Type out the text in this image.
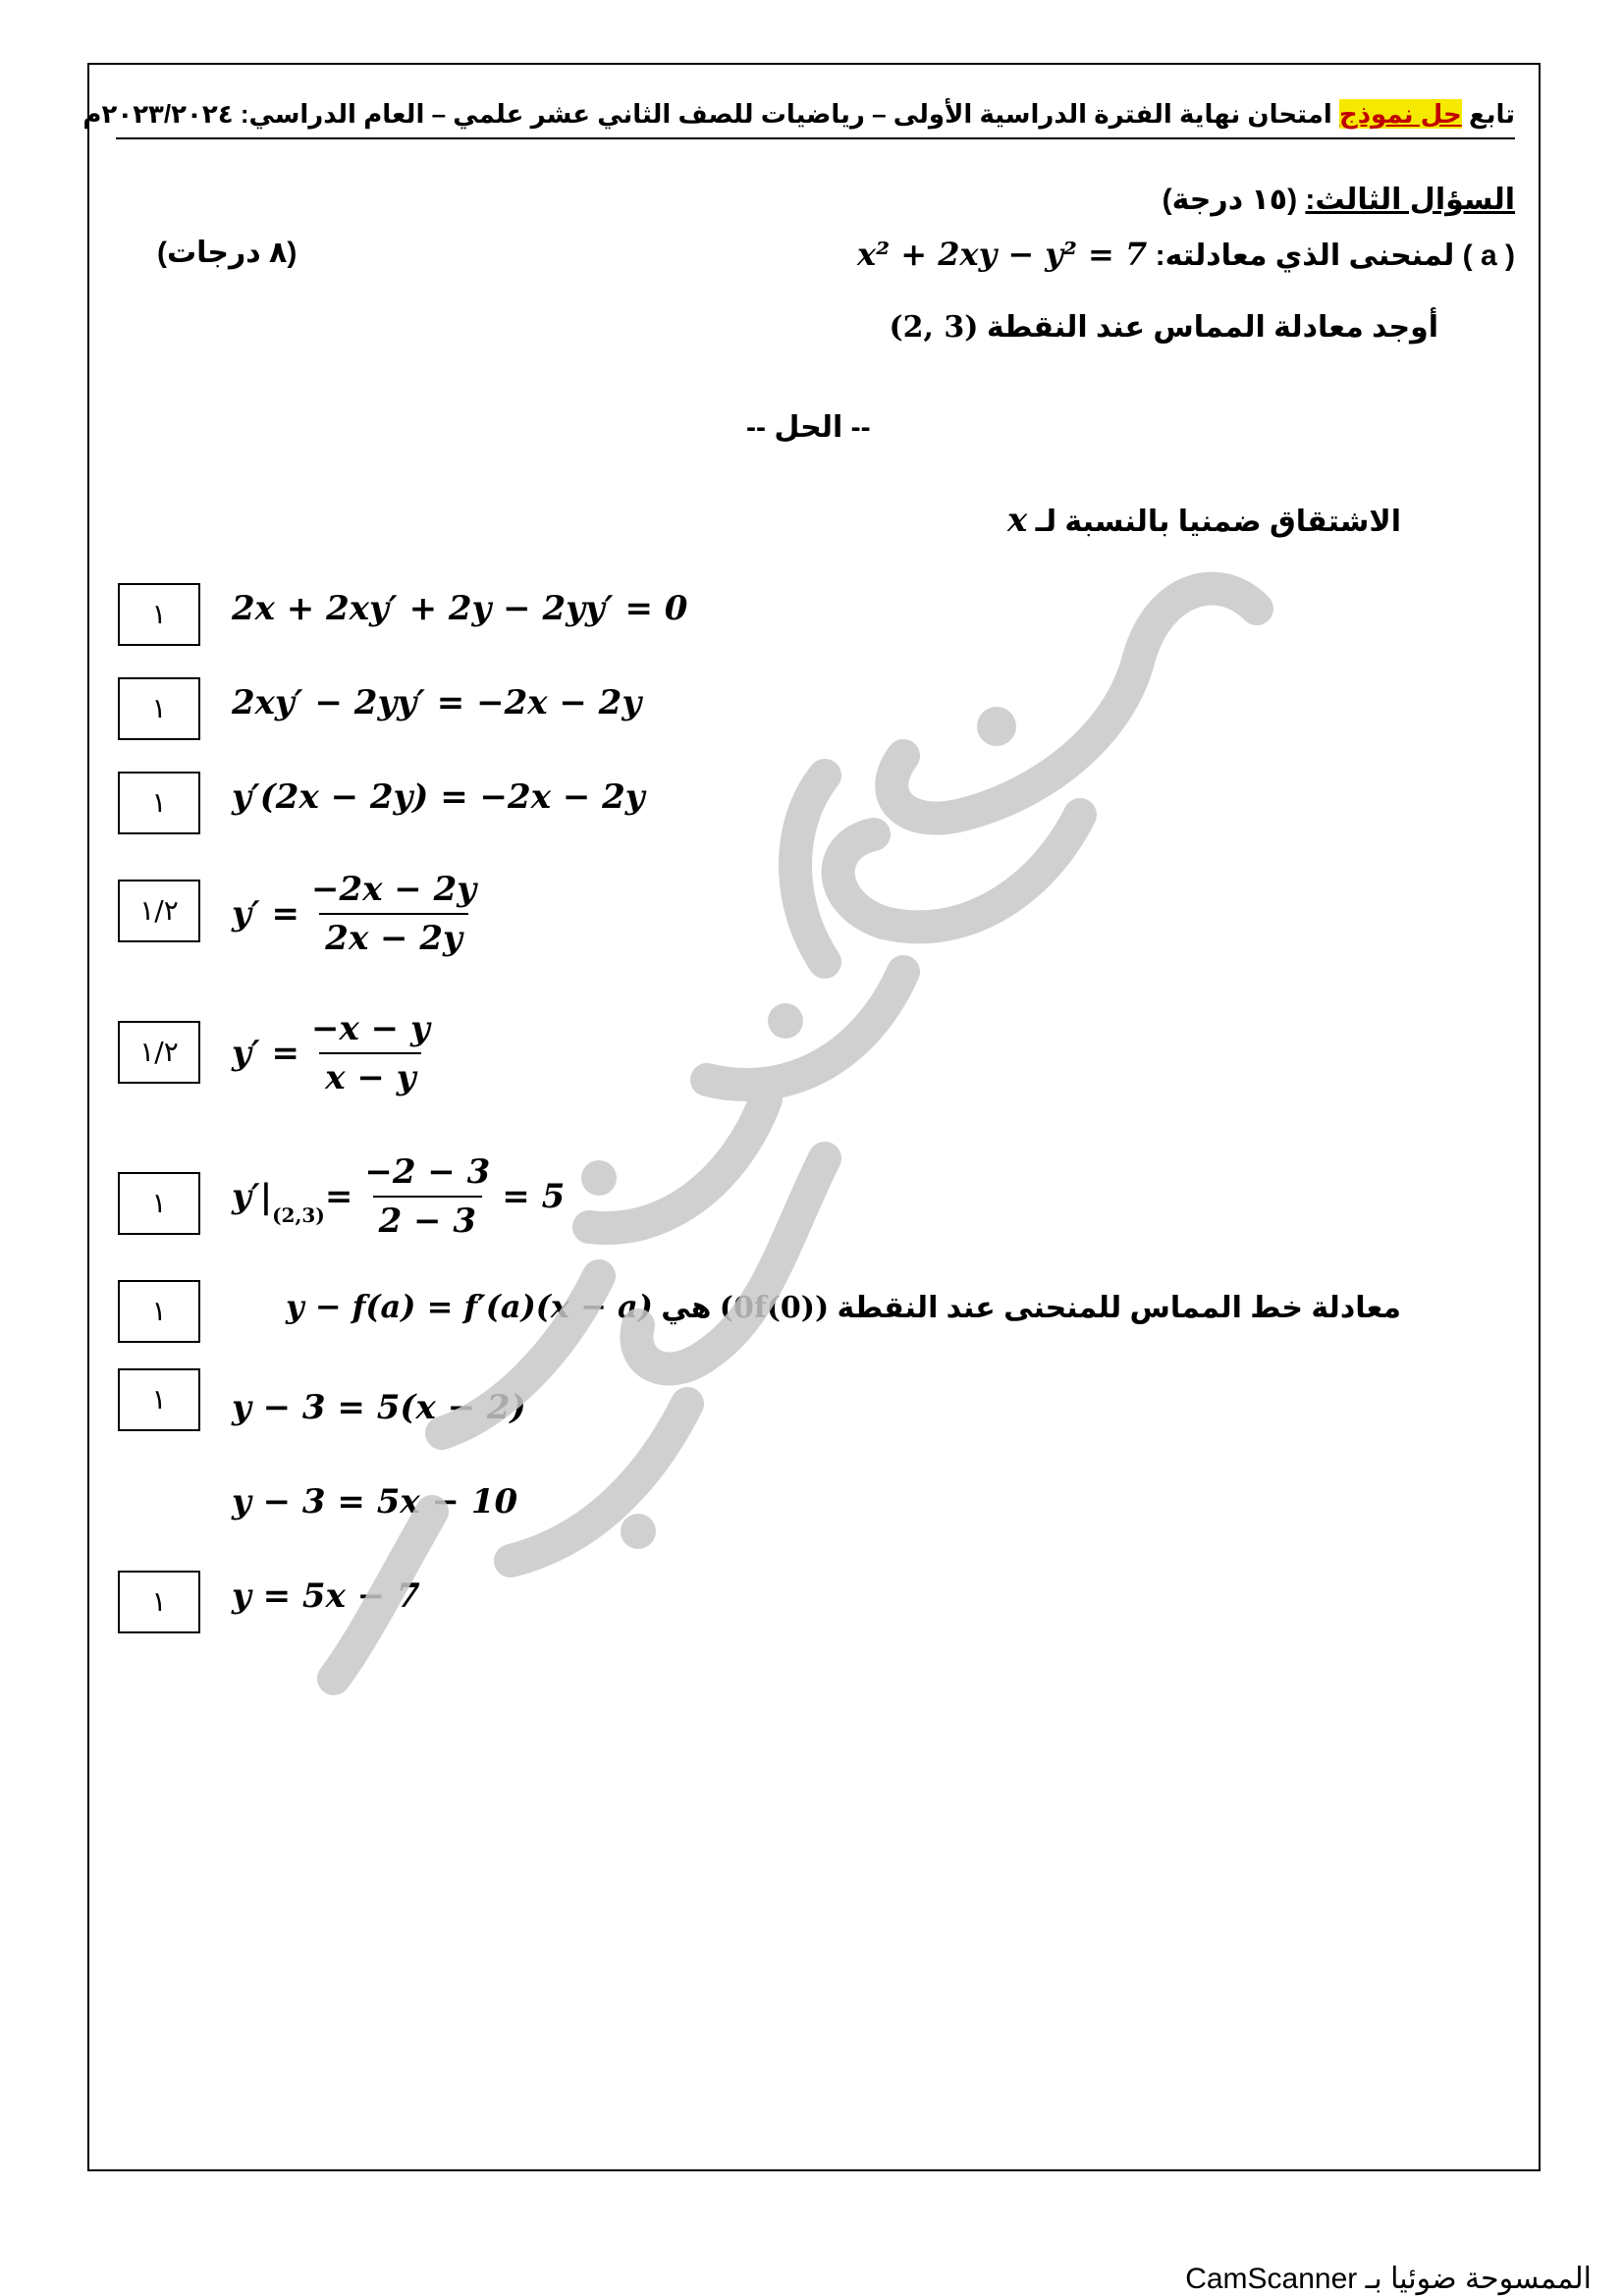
تابع حل نموذج امتحان نهاية الفترة الدراسية الأولى – رياضيات للصف الثاني عشر علمي – العام الدراسي: ٢٠٢٣/٢٠٢٤م
السؤال الثالث: (١٥ درجة)
( a ) لمنحنى الذي معادلته: x² + 2xy − y² = 7
(٨ درجات)
أوجد معادلة المماس عند النقطة (2, 3)
-- الحل --
الاشتقاق ضمنيا بالنسبة لـ x
١	2x + 2xy′ + 2y − 2yy′ = 0
١	2xy′ − 2yy′ = −2x − 2y
١	y′(2x − 2y) = −2x − 2y
١/٢	$y' = \frac{-2x - 2y}{2x - 2y}$
١/٢	$y' = \frac{-x - y}{x - y}$
١	y′| $(2,3) = \frac{-2 - 3}{2 - 3} = 5$
١	معادلة خط المماس للمنحنى عند النقطة (0f(0)) هي y − f(a) = f′(a)(x − a)
١	y − 3 = 5(x − 2)
y − 3 = 5x − 10
١	y = 5x − 7
الممسوحة ضوئيا بـ CamScanner
